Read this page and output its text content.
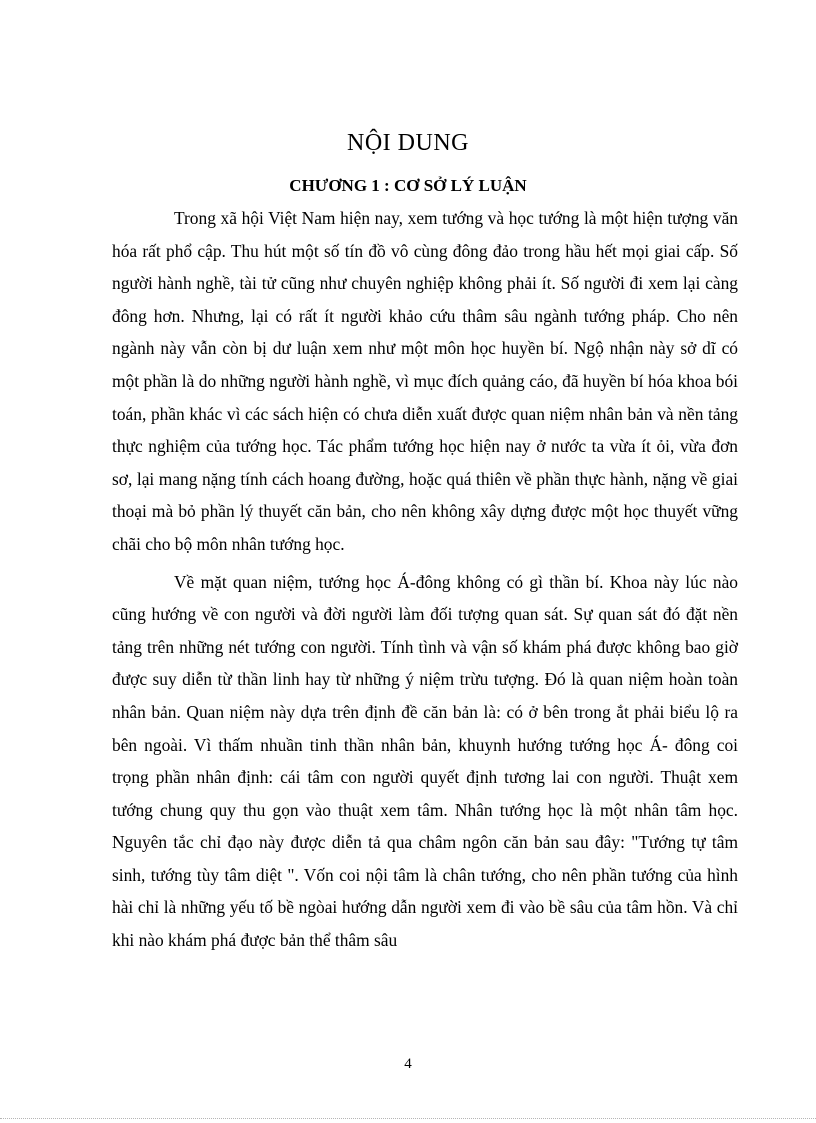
NỘI DUNG
CHƯƠNG 1 : CƠ SỞ LÝ LUẬN

Trong xã hội Việt Nam hiện nay, xem tướng và học tướng là một hiện tượng văn hóa rất phổ cập. Thu hút một số tín đồ vô cùng đông đảo trong hầu hết mọi giai cấp. Số người hành nghề, tài tử cũng như chuyên nghiệp không phải ít. Số người đi xem lại càng đông hơn. Nhưng, lại có rất ít người khảo cứu thâm sâu ngành tướng pháp. Cho nên ngành này vẫn còn bị dư luận xem như một môn học huyền bí. Ngộ nhận này sở dĩ có một phần là do những người hành nghề, vì mục đích quảng cáo, đã huyền bí hóa khoa bói toán, phần khác vì các sách hiện có chưa diễn xuất được quan niệm nhân bản và nền tảng thực nghiệm của tướng học. Tác phẩm tướng học hiện nay ở nước ta vừa ít ỏi, vừa đơn sơ, lại mang nặng tính cách hoang đường, hoặc quá thiên về phần thực hành, nặng về giai thoại mà bỏ phần lý thuyết căn bản, cho nên không xây dựng được một học thuyết vững chãi cho bộ môn nhân tướng học.

Về mặt quan niệm, tướng học Á-đông không có gì thần bí. Khoa này lúc nào cũng hướng về con người và đời người làm đối tượng quan sát. Sự quan sát đó đặt nền tảng trên những nét tướng con người. Tính tình và vận số khám phá được không bao giờ được suy diễn từ thần linh hay từ những ý niệm trừu tượng. Đó là quan niệm hoàn toàn nhân bản. Quan niệm này dựa trên định đề căn bản là: có ở bên trong ắt phải biểu lộ ra bên ngoài. Vì thấm nhuần tinh thần nhân bản, khuynh hướng tướng học Á- đông coi trọng phần nhân định: cái tâm con người quyết định tương lai con người. Thuật xem tướng chung quy thu gọn vào thuật xem tâm. Nhân tướng học là một nhân tâm học. Nguyên tắc chỉ đạo này được diễn tả qua châm ngôn căn bản sau đây: "Tướng tự tâm sinh, tướng tùy tâm diệt ". Vốn coi nội tâm là chân tướng, cho nên phần tướng của hình hài chỉ là những yếu tố bề ngòai hướng dẫn người xem đi vào bề sâu của tâm hồn. Và chỉ khi nào khám phá được bản thể thâm sâu

4
